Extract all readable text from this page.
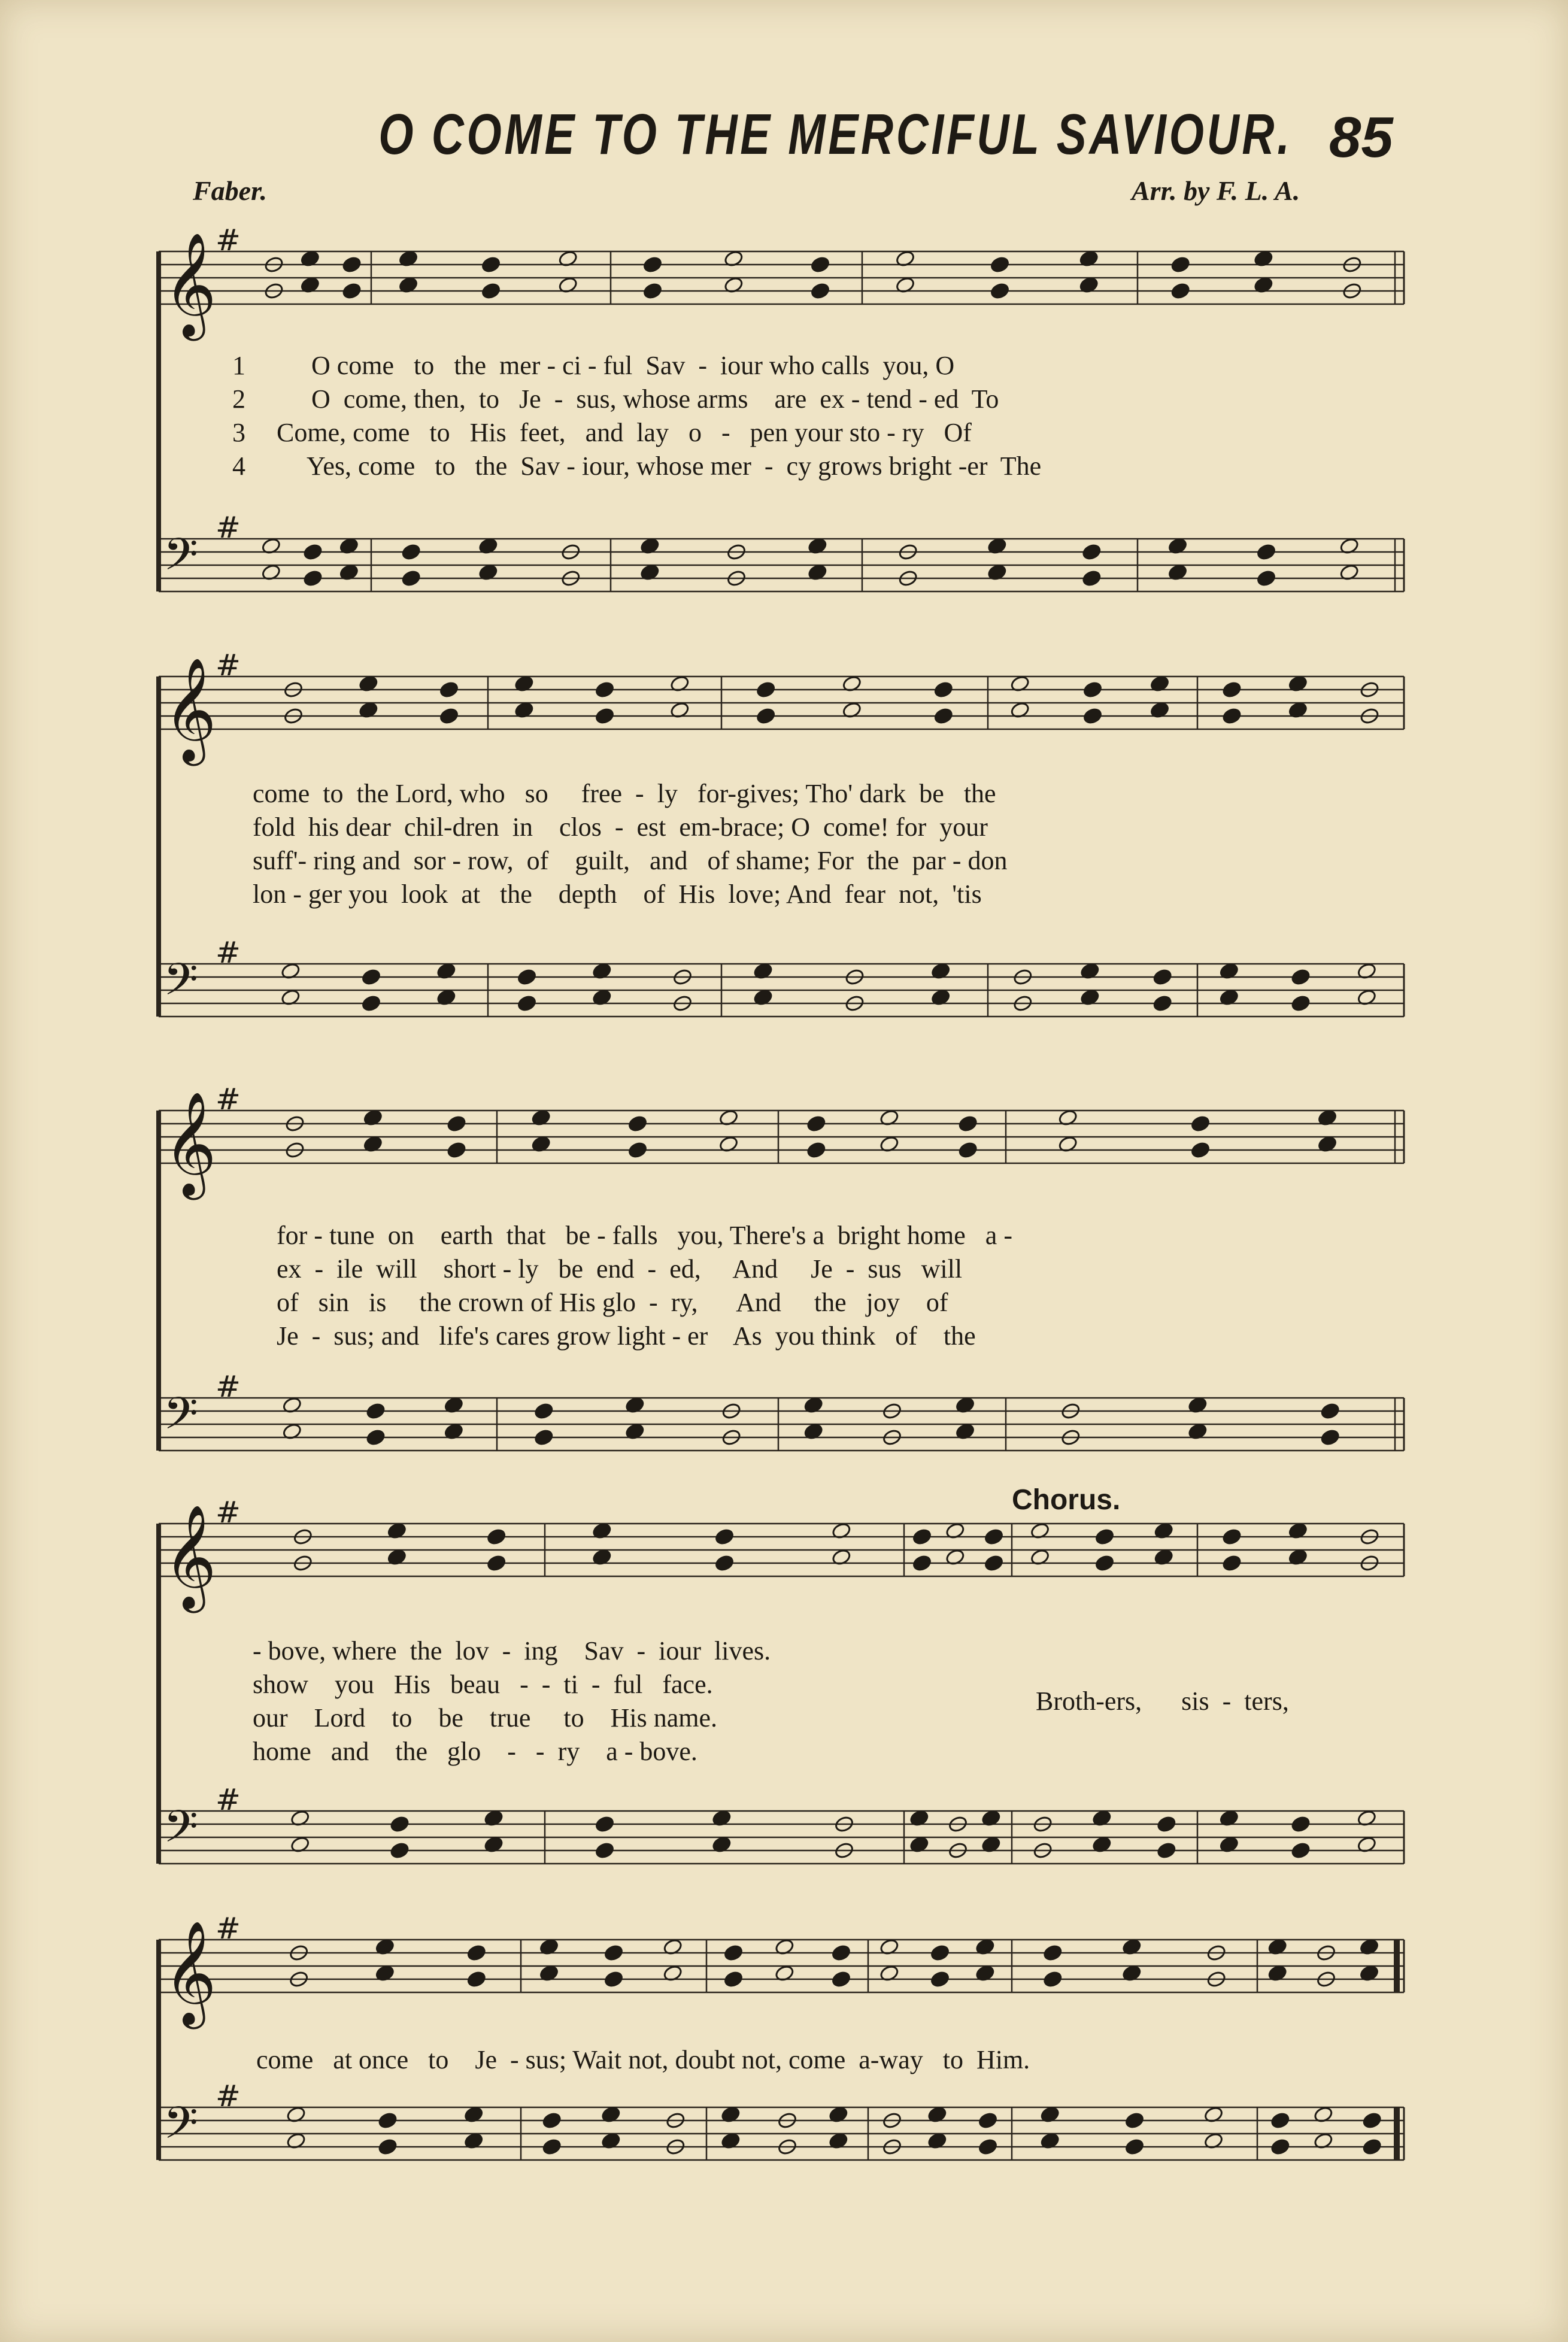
O COME TO THE MERCIFUL SAVIOUR. 85
Faber.	Arr. by F. L. A.
𝄞
#
𝄢
#
𝄞
#
𝄢
#
𝄞
#
𝄢
#
𝄞
#
𝄢
#
𝄞
#
𝄢
#
1
2
3
4
O come   to   the  mer - ci - ful  Sav  -  iour who calls  you, O
O  come, then,  to   Je  -  sus, whose arms    are  ex - tend - ed  To
Come, come   to   His  feet,   and  lay   o   -   pen your sto - ry   Of
Yes, come   to   the  Sav - iour, whose mer  -  cy grows bright -er  The
come  to  the Lord, who   so     free  -  ly   for-gives; Tho' dark  be   the
fold  his dear  chil-dren  in    clos  -  est  em-brace; O  come! for  your
suff'- ring and  sor - row,  of    guilt,   and   of shame; For  the  par - don
lon - ger you  look  at   the    depth    of  His  love; And  fear  not,  'tis
for - tune  on    earth  that   be - falls   you, There's a  bright home   a -
ex  -  ile  will    short - ly   be  end  -  ed,     And     Je  -  sus   will
of   sin   is     the crown of His glo  -  ry,      And     the   joy    of
Je  -  sus; and   life's cares grow light - er    As  you think   of    the
Chorus.
- bove, where  the  lov  -  ing    Sav  -  iour  lives.
show    you   His   beau   -  -  ti  -  ful   face.
our    Lord    to    be    true     to    His name.
home   and    the   glo    -   -  ry    a - bove.
Broth-ers,      sis  -  ters,
come   at once   to    Je  - sus; Wait not, doubt not, come  a-way   to  Him.
